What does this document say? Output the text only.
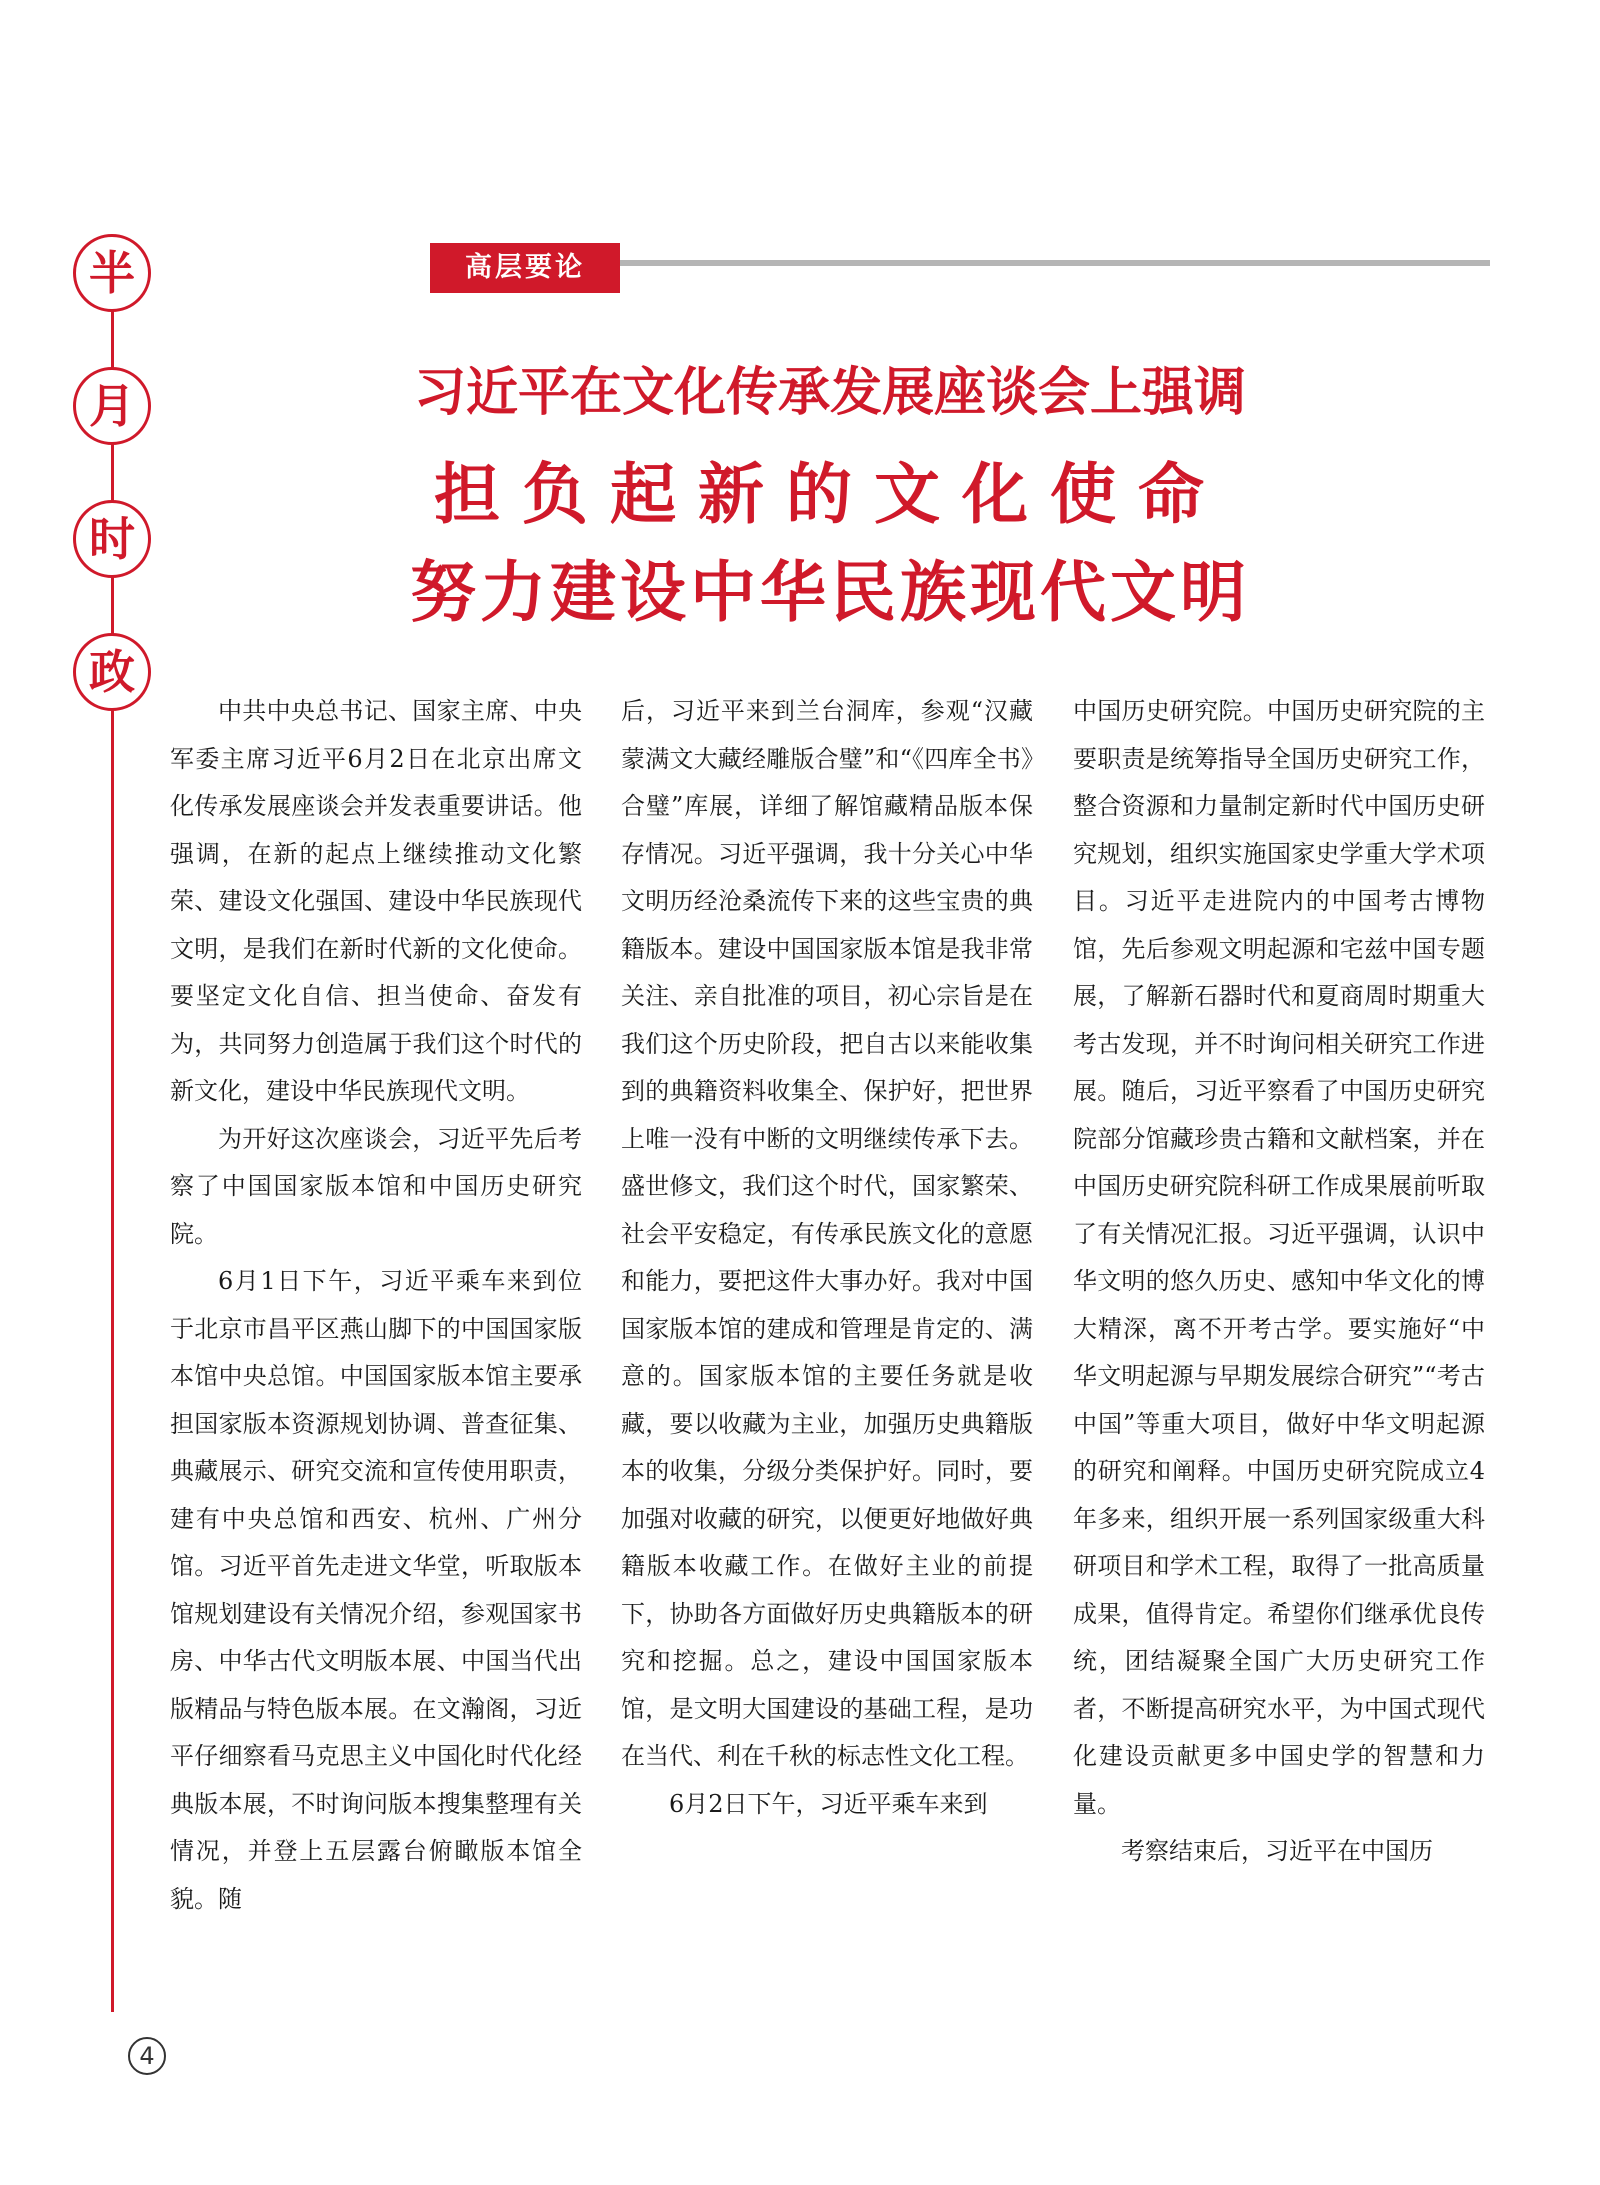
半
月
时
政
高层要论
习近平在文化传承发展座谈会上强调
担负起新的文化使命
努力建设中华民族现代文明

中共中央总书记、国家主席、中央军委主席习近平6月2日在北京出席文化传承发展座谈会并发表重要讲话。他强调，在新的起点上继续推动文化繁荣、建设文化强国、建设中华民族现代文明，是我们在新时代新的文化使命。要坚定文化自信、担当使命、奋发有为，共同努力创造属于我们这个时代的新文化，建设中华民族现代文明。

为开好这次座谈会，习近平先后考察了中国国家版本馆和中国历史研究院。

6月1日下午，习近平乘车来到位于北京市昌平区燕山脚下的中国国家版本馆中央总馆。中国国家版本馆主要承担国家版本资源规划协调、普查征集、典藏展示、研究交流和宣传使用职责，建有中央总馆和西安、杭州、广州分馆。习近平首先走进文华堂，听取版本馆规划建设有关情况介绍，参观国家书房、中华古代文明版本展、中国当代出版精品与特色版本展。在文瀚阁，习近平仔细察看马克思主义中国化时代化经典版本展，不时询问版本搜集整理有关情况，并登上五层露台俯瞰版本馆全貌。随

后，习近平来到兰台洞库，参观“汉藏蒙满文大藏经雕版合璧”和“《四库全书》合璧”库展，详细了解馆藏精品版本保存情况。习近平强调，我十分关心中华文明历经沧桑流传下来的这些宝贵的典籍版本。建设中国国家版本馆是我非常关注、亲自批准的项目，初心宗旨是在我们这个历史阶段，把自古以来能收集到的典籍资料收集全、保护好，把世界上唯一没有中断的文明继续传承下去。盛世修文，我们这个时代，国家繁荣、社会平安稳定，有传承民族文化的意愿和能力，要把这件大事办好。我对中国国家版本馆的建成和管理是肯定的、满意的。国家版本馆的主要任务就是收藏，要以收藏为主业，加强历史典籍版本的收集，分级分类保护好。同时，要加强对收藏的研究，以便更好地做好典籍版本收藏工作。在做好主业的前提下，协助各方面做好历史典籍版本的研究和挖掘。总之，建设中国国家版本馆，是文明大国建设的基础工程，是功在当代、利在千秋的标志性文化工程。

6月2日下午，习近平乘车来到

中国历史研究院。中国历史研究院的主要职责是统筹指导全国历史研究工作，整合资源和力量制定新时代中国历史研究规划，组织实施国家史学重大学术项目。习近平走进院内的中国考古博物馆，先后参观文明起源和宅兹中国专题展，了解新石器时代和夏商周时期重大考古发现，并不时询问相关研究工作进展。随后，习近平察看了中国历史研究院部分馆藏珍贵古籍和文献档案，并在中国历史研究院科研工作成果展前听取了有关情况汇报。习近平强调，认识中华文明的悠久历史、感知中华文化的博大精深，离不开考古学。要实施好“中华文明起源与早期发展综合研究”“考古中国”等重大项目，做好中华文明起源的研究和阐释。中国历史研究院成立4年多来，组织开展一系列国家级重大科研项目和学术工程，取得了一批高质量成果，值得肯定。希望你们继承优良传统，团结凝聚全国广大历史研究工作者，不断提高研究水平，为中国式现代化建设贡献更多中国史学的智慧和力量。

考察结束后，习近平在中国历

4
